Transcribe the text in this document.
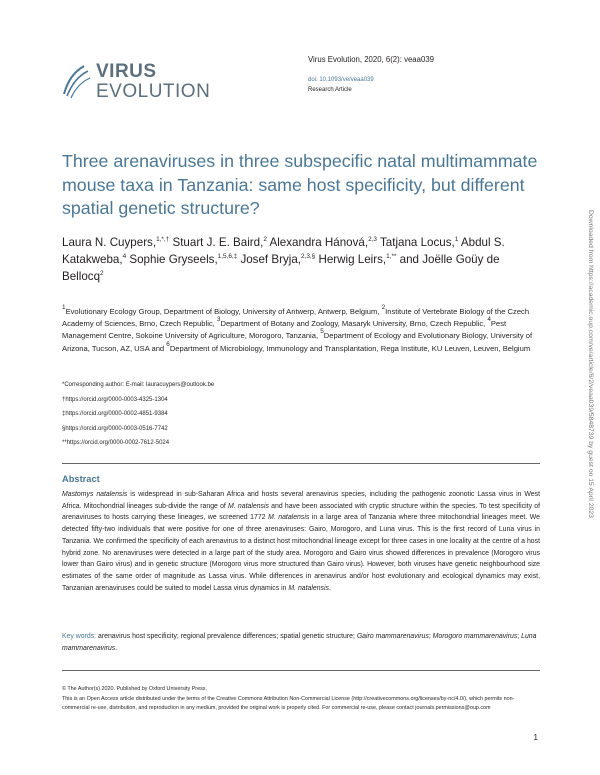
VIRUS
EVOLUTION
Virus Evolution, 2020, 6(2): veaa039
doi: 10.1093/ve/veaa039
Research Article
Three arenaviruses in three subspecific natal multimammate mouse taxa in Tanzania: same host specificity, but different spatial genetic structure?
Laura N. Cuypers,$^{1,*,\dagger}$ Stuart J. E. Baird,$^2$ Alexandra Hánová,$^{2,3}$ Tatjana Locus,$^1$ Abdul S. Katakweba,$^4$ Sophie Gryseels,$^{1,5,6,\ddagger}$ Josef Bryja,$^{2,3,\S}$ Herwig Leirs,$^{1,**}$ and Joëlle Goüy de Bellocq$^2$
$^1$Evolutionary Ecology Group, Department of Biology, University of Antwerp, Antwerp, Belgium, $^2$Institute of Vertebrate Biology of the Czech Academy of Sciences, Brno, Czech Republic, $^3$Department of Botany and Zoology, Masaryk University, Brno, Czech Republic, $^4$Pest Management Centre, Sokoine University of Agriculture, Morogoro, Tanzania, $^5$Department of Ecology and Evolutionary Biology, University of Arizona, Tucson, AZ, USA and $^6$Department of Microbiology, Immunology and Transplantation, Rega Institute, KU Leuven, Leuven, Belgium
*Corresponding author: E-mail: lauracuypers@outlook.be
†https://orcid.org/0000-0003-4325-1304
‡https://orcid.org/0000-0002-4851-9384
§https://orcid.org/0000-0003-0516-7742
**https://orcid.org/0000-0002-7612-5024
Abstract
Mastomys natalensis is widespread in sub-Saharan Africa and hosts several arenavirus species, including the pathogenic zoonotic Lassa virus in West Africa. Mitochondrial lineages sub-divide the range of M. natalensis and have been associated with cryptic structure within the species. To test specificity of arenaviruses to hosts carrying these lineages, we screened 1772 M. natalensis in a large area of Tanzania where three mitochondrial lineages meet. We detected fifty-two individuals that were positive for one of three arenaviruses: Gairo, Morogoro, and Luna virus. This is the first record of Luna virus in Tanzania. We confirmed the specificity of each arenavirus to a distinct host mitochondrial lineage except for three cases in one locality at the centre of a host hybrid zone. No arenaviruses were detected in a large part of the study area. Morogoro and Gairo virus showed differences in prevalence (Morogoro virus lower than Gairo virus) and in genetic structure (Morogoro virus more structured than Gairo virus). However, both viruses have genetic neighbourhood size estimates of the same order of magnitude as Lassa virus. While differences in arenavirus and/or host evolutionary and ecological dynamics may exist, Tanzanian arenaviruses could be suited to model Lassa virus dynamics in M. natalensis.
Key words: arenavirus host specificity; regional prevalence differences; spatial genetic structure; Gairo mammarenavirus; Morogoro mammarenavirus; Luna mammarenavirus.
© The Author(s) 2020. Published by Oxford University Press.
This is an Open Access article distributed under the terms of the Creative Commons Attribution Non-Commercial License (http://creativecommons.org/licenses/by-nc/4.0/), which permits non-commercial re-use, distribution, and reproduction in any medium, provided the original work is properly cited. For commercial re-use, please contact journals.permissions@oup.com
1
Downloaded from https://academic.oup.com/ve/article/6/2/veaa039/5848739 by guest on 15 April 2023
